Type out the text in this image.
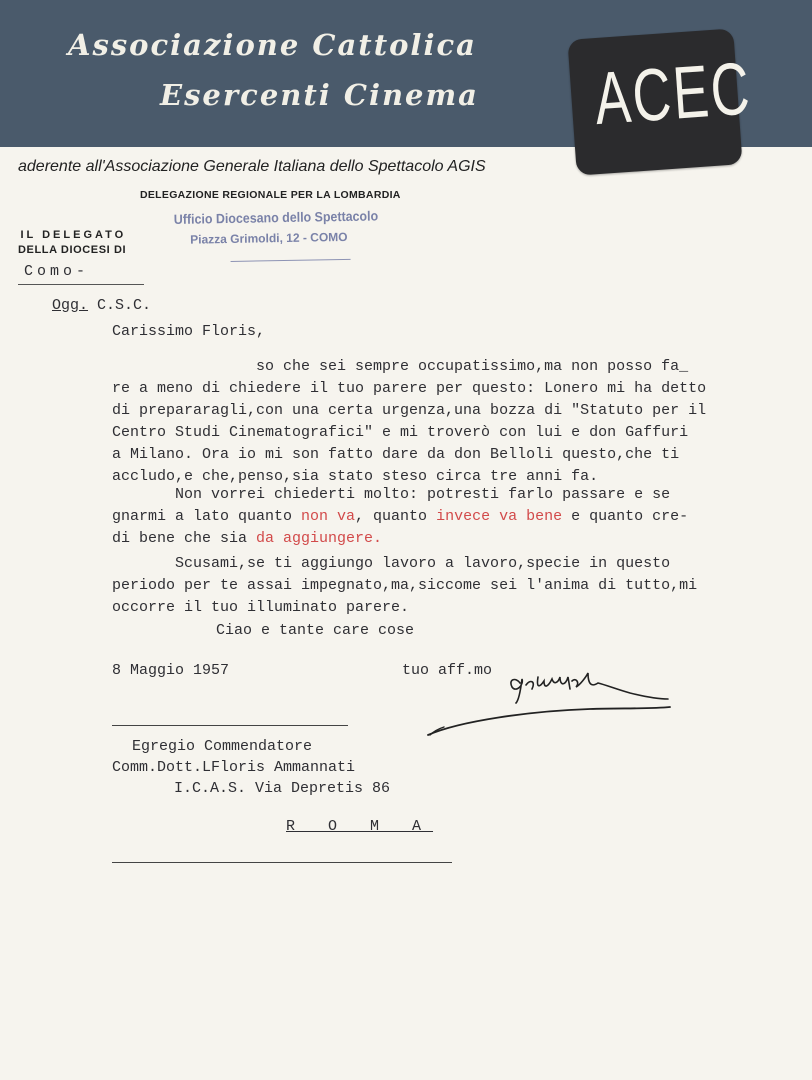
Associazione Cattolica
Esercenti Cinema ACEC
aderente all'Associazione Generale Italiana dello Spettacolo AGIS
DELEGAZIONE REGIONALE PER LA LOMBARDIA
Ufficio Diocesano dello Spettacolo
Piazza Grimoldi, 12 - COMO
IL DELEGATO
DELLA DIOCESI DI
Como-
Ogg. C.S.C.
Carissimo Floris,
so che sei sempre occupatissimo,ma non posso fa_
re a meno di chiedere il tuo parere per questo: Lonero mi ha detto
di prepararagli,con una certa urgenza,una bozza di "Statuto per il
Centro Studi Cinematografici" e mi troverò con lui e don Gaffuri
a Milano. Ora io mi son fatto dare da don Belloli questo,che ti
accludo,e che,penso,sia stato steso circa tre anni fa.
Non vorrei chiederti molto: potresti farlo passare e se
gnarmi a lato quanto non va, quanto invece va bene e quanto cre-
di bene che sia da aggiungere.
Scusami,se ti aggiungo lavoro a lavoro,specie in questo
periodo per te assai impegnato,ma,siccome sei l'anima di tutto,mi
occorre il tuo illuminato parere.
Ciao e tante care cose
8 Maggio 1957	tuo aff.mo
Egregio Commendatore
Comm.Dott.LFloris Ammannati
I.C.A.S. Via Depretis 86
R O M A
